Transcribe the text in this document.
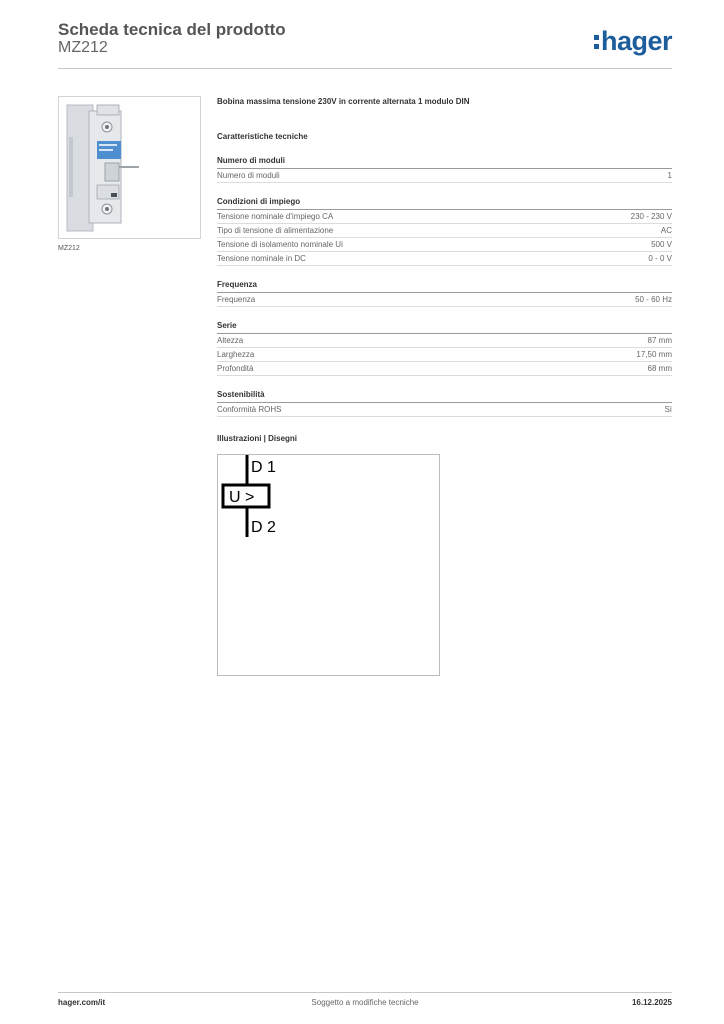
Scheda tecnica del prodotto
MZ212	hager
MZ212

Bobina massima tensione 230V in corrente alternata 1 modulo DIN

Caratteristiche tecniche
Numero di moduli
Numero di moduli	1
Condizioni di impiego
Tensione nominale d'impiego CA	230 - 230 V
Tipo di tensione di alimentazione	AC
Tensione di isolamento nominale Ui	500 V
Tensione nominale in DC	0 - 0 V
Frequenza
Frequenza	50 - 60 Hz
Serie
Altezza	87 mm
Larghezza	17,50 mm
Profondità	68 mm
Sostenibilità
Conformità ROHS	Sì
Illustrazioni | Disegni
D 1
U >
D 2
hager.com/it	Soggetto a modifiche tecniche	16.12.2025
